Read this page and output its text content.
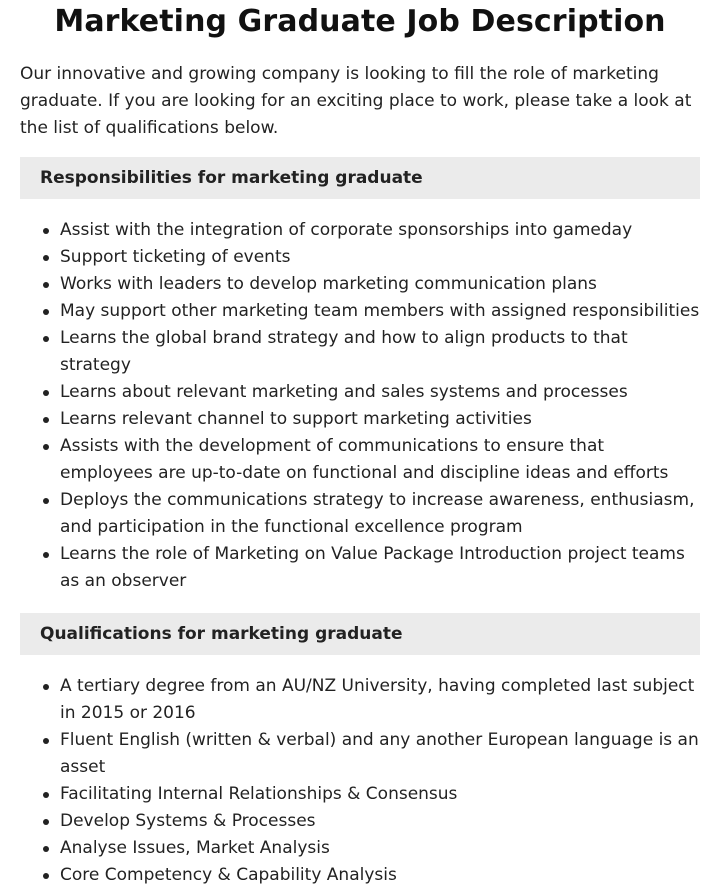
Marketing Graduate Job Description

Our innovative and growing company is looking to fill the role of marketing graduate. If you are looking for an exciting place to work, please take a look at the list of qualifications below.

Responsibilities for marketing graduate
Assist with the integration of corporate sponsorships into gameday
Support ticketing of events
Works with leaders to develop marketing communication plans
May support other marketing team members with assigned responsibilities
Learns the global brand strategy and how to align products to that strategy
Learns about relevant marketing and sales systems and processes
Learns relevant channel to support marketing activities
Assists with the development of communications to ensure that employees are up-to-date on functional and discipline ideas and efforts
Deploys the communications strategy to increase awareness, enthusiasm, and participation in the functional excellence program
Learns the role of Marketing on Value Package Introduction project teams as an observer
Qualifications for marketing graduate
A tertiary degree from an AU/NZ University, having completed last subject in 2015 or 2016
Fluent English (written & verbal) and any another European language is an asset
Facilitating Internal Relationships & Consensus
Develop Systems & Processes
Analyse Issues, Market Analysis
Core Competency & Capability Analysis
